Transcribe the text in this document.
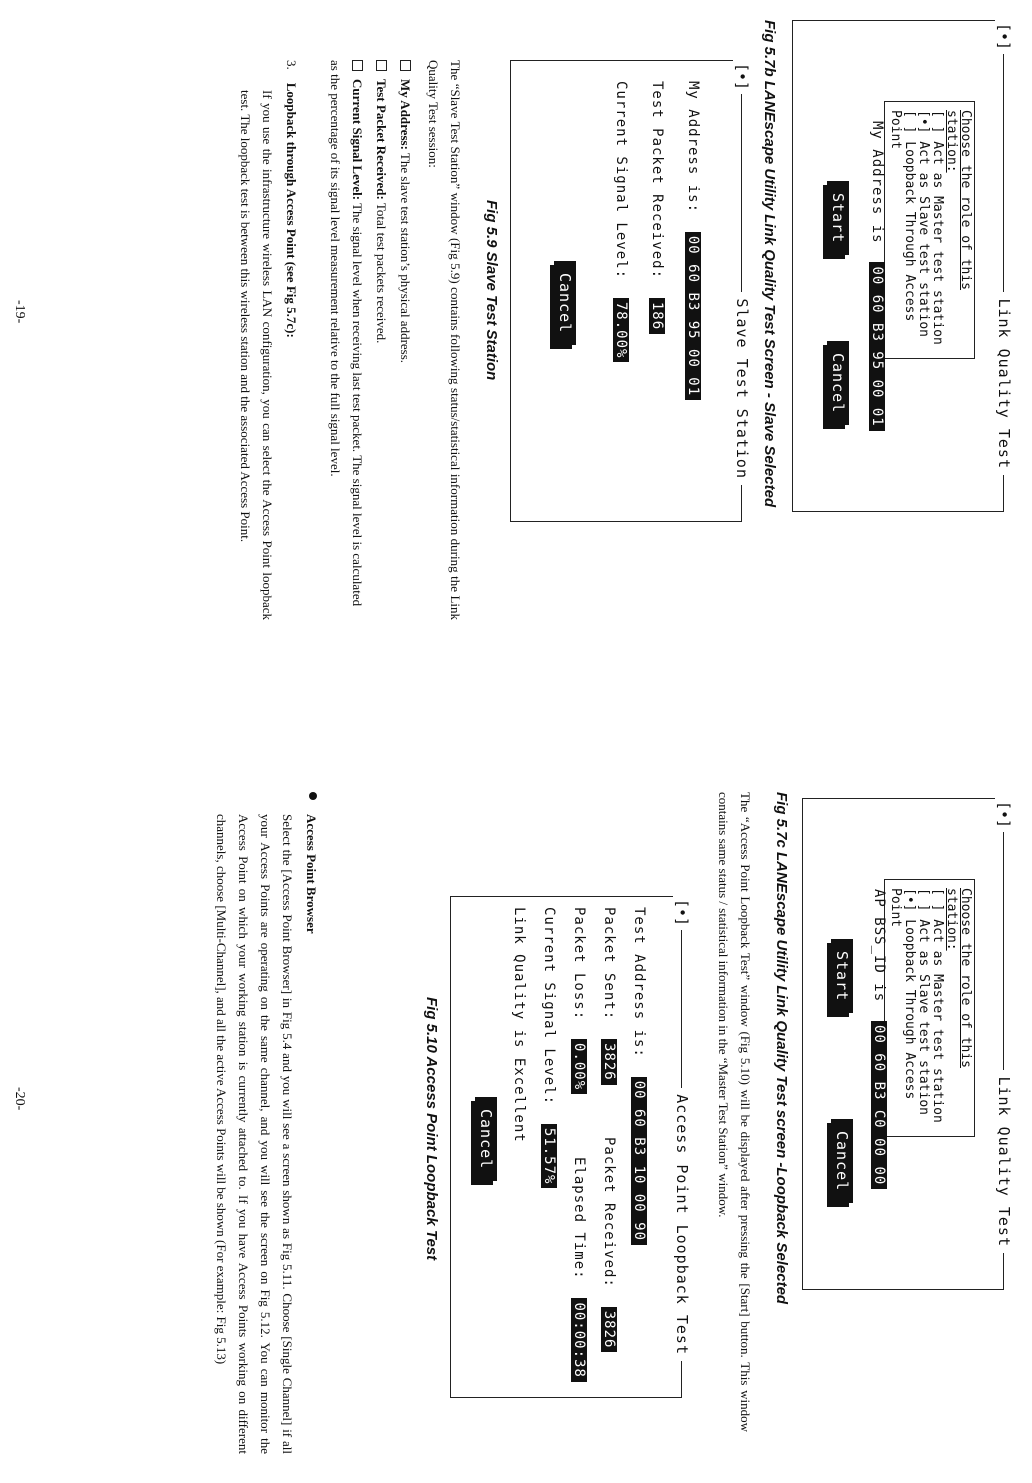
[•]
Link Quality Test
Choose the role of this station:
[ ] Act as Master test station
[•] Act as Slave test station
[ ] Loopback Through Access Point
My Address is  00 60 B3 95 00 01
Start
Cancel
Fig 5.7b LANEscape Utility Link Quality Test Screen - Slave Selected
[•]
Slave Test Station
My Address is:  00 60 B3 95 00 01
Test Packet Received:  186
Current Signal Level:  78.00%
Cancel
Fig 5.9 Slave Test Station
The “Slave Test Station” window (Fig 5.9) contains following status/statistical information during the Link Quality Test session:
My Address: The slave test station’s physical address.
Test Packet Received: Total test packets received.
Current Signal Level: The signal level when receiving last test packet. The signal level is calculated as the percentage of its signal level measurement relative to the full signal level.
3.    Loopback through Access Point (see Fig 5.7c):
If you use the infrastructure wireless LAN configuration, you can select the Access Point loopback test. The loopback test is between this wireless station and the associated Access Point.
-19-
[•]
Link Quality Test
Choose the role of this station:
[ ] Act as Master test station
[ ] Act as Slave test station
[•] Loopback Through Access Point
AP BSS_ID is  00 60 B3 C0 00 00
Start
Cancel
Fig 5.7c LANEscape Utility Link Quality Test screen -Loopback Selected
The “Access Point Loopback Test” window (Fig 5.10) will be displayed after pressing the [Start] button. This window contains same status / statistical information in the “Master Test Station” window.
[•]
Access Point Loopback Test
Test Address is:  00 60 B3 10 00 90
Packet Sent:  3826
Packet Received:  3826
Packet Loss:  0.00%
Elapsed Time:  00:00:38
Current Signal Level:  51.57%
Link Quality is Excellent
Cancel
Fig 5.10 Access Point Loopback Test
Access Point Browser
Select the [Access Point Browser] in Fig 5.4 and you will see a screen shown as Fig 5.11. Choose [Single Channel] if all your Access Points are operating on the same channel, and you will see the screen on Fig 5.12. You can monitor the Access Point on which your working station is currently attached to. If you have Access Points working on different channels, choose [Multi-Channel], and all the active Access Points will be shown (For example: Fig 5.13)
-20-
